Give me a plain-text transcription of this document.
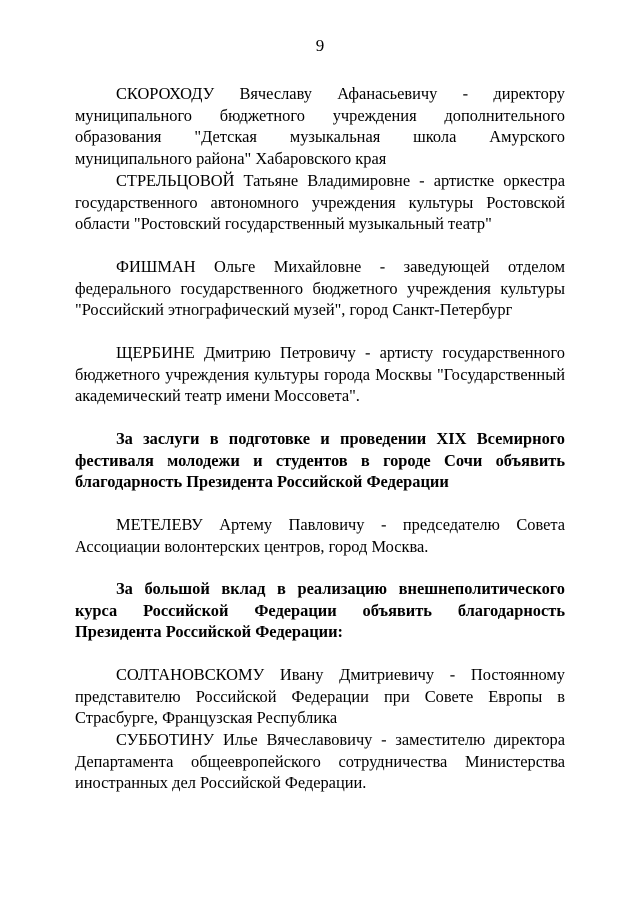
9
СКОРОХОДУ Вячеславу Афанасьевичу - директору муниципального бюджетного учреждения дополнительного образования "Детская музыкальная школа Амурского муниципального района" Хабаровского края
СТРЕЛЬЦОВОЙ Татьяне Владимировне - артистке оркестра государственного автономного учреждения культуры Ростовской области "Ростовский государственный музыкальный театр"
ФИШМАН Ольге Михайловне - заведующей отделом федерального государственного бюджетного учреждения культуры "Российский этнографический музей", город Санкт-Петербург
ЩЕРБИНЕ Дмитрию Петровичу - артисту государственного бюджетного учреждения культуры города Москвы "Государственный академический театр имени Моссовета".
За заслуги в подготовке и проведении XIX Всемирного фестиваля молодежи и студентов в городе Сочи объявить благодарность Президента Российской Федерации
МЕТЕЛЕВУ Артему Павловичу - председателю Совета Ассоциации волонтерских центров, город Москва.
За большой вклад в реализацию внешнеполитического курса Российской Федерации объявить благодарность Президента Российской Федерации:
СОЛТАНОВСКОМУ Ивану Дмитриевичу - Постоянному представителю Российской Федерации при Совете Европы в Страсбурге, Французская Республика
СУББОТИНУ Илье Вячеславовичу - заместителю директора Департамента общеевропейского сотрудничества Министерства иностранных дел Российской Федерации.
